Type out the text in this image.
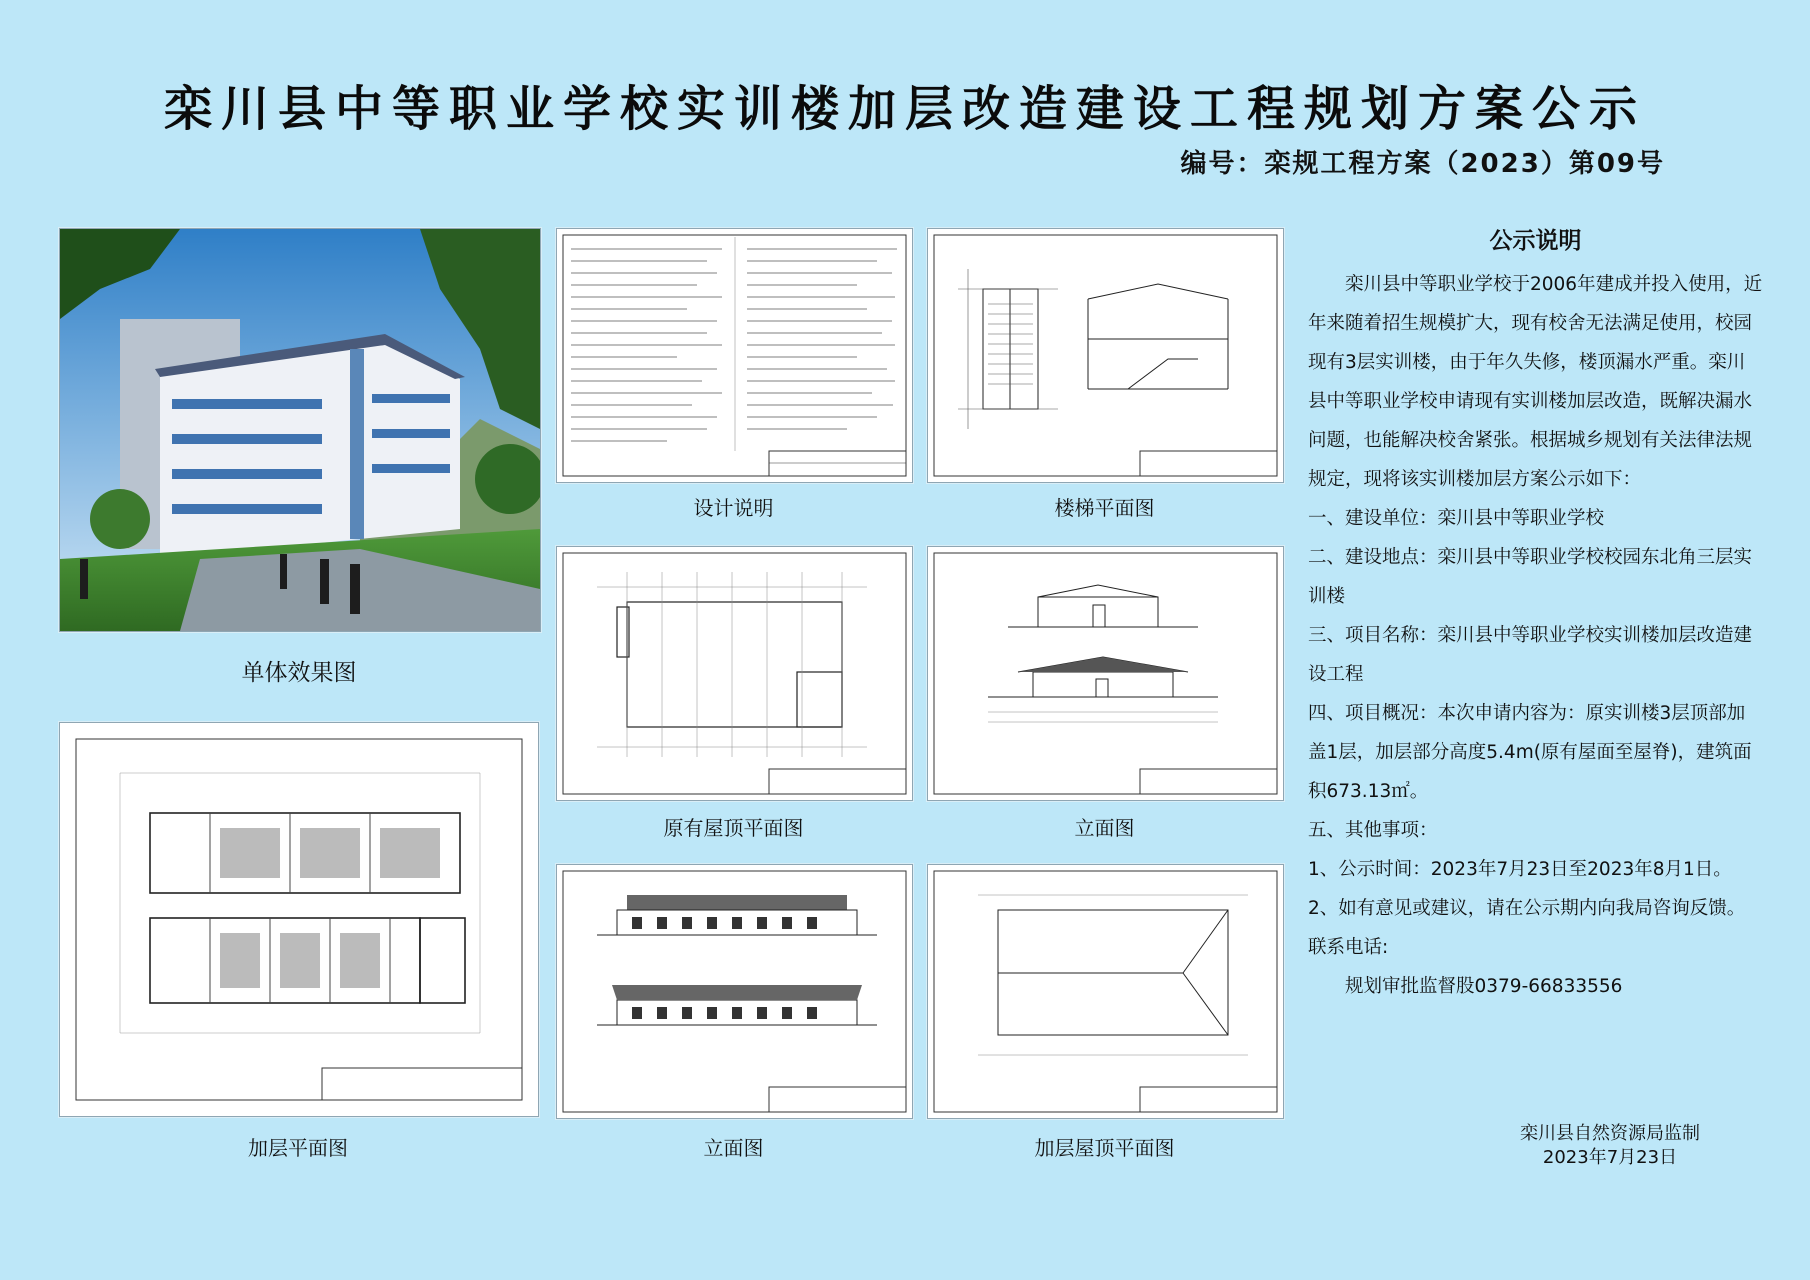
栾川县中等职业学校实训楼加层改造建设工程规划方案公示
编号：栾规工程方案（2023）第09号
单体效果图
设计说明	楼梯平面图
原有屋顶平面图	立面图
加层平面图	立面图	加层屋顶平面图
公示说明

栾川县中等职业学校于2006年建成并投入使用，近年来随着招生规模扩大，现有校舍无法满足使用，校园现有3层实训楼，由于年久失修，楼顶漏水严重。栾川县中等职业学校申请现有实训楼加层改造，既解决漏水问题，也能解决校舍紧张。根据城乡规划有关法律法规规定，现将该实训楼加层方案公示如下：

一、建设单位：栾川县中等职业学校

二、建设地点：栾川县中等职业学校校园东北角三层实训楼

三、项目名称：栾川县中等职业学校实训楼加层改造建设工程

四、项目概况：本次申请内容为：原实训楼3层顶部加盖1层，加层部分高度5.4m(原有屋面至屋脊)，建筑面积673.13㎡。

五、其他事项：

1、公示时间：2023年7月23日至2023年8月1日。

2、如有意见或建议，请在公示期内向我局咨询反馈。

联系电话:

规划审批监督股0379-66833556

栾川县自然资源局监制
2023年7月23日
